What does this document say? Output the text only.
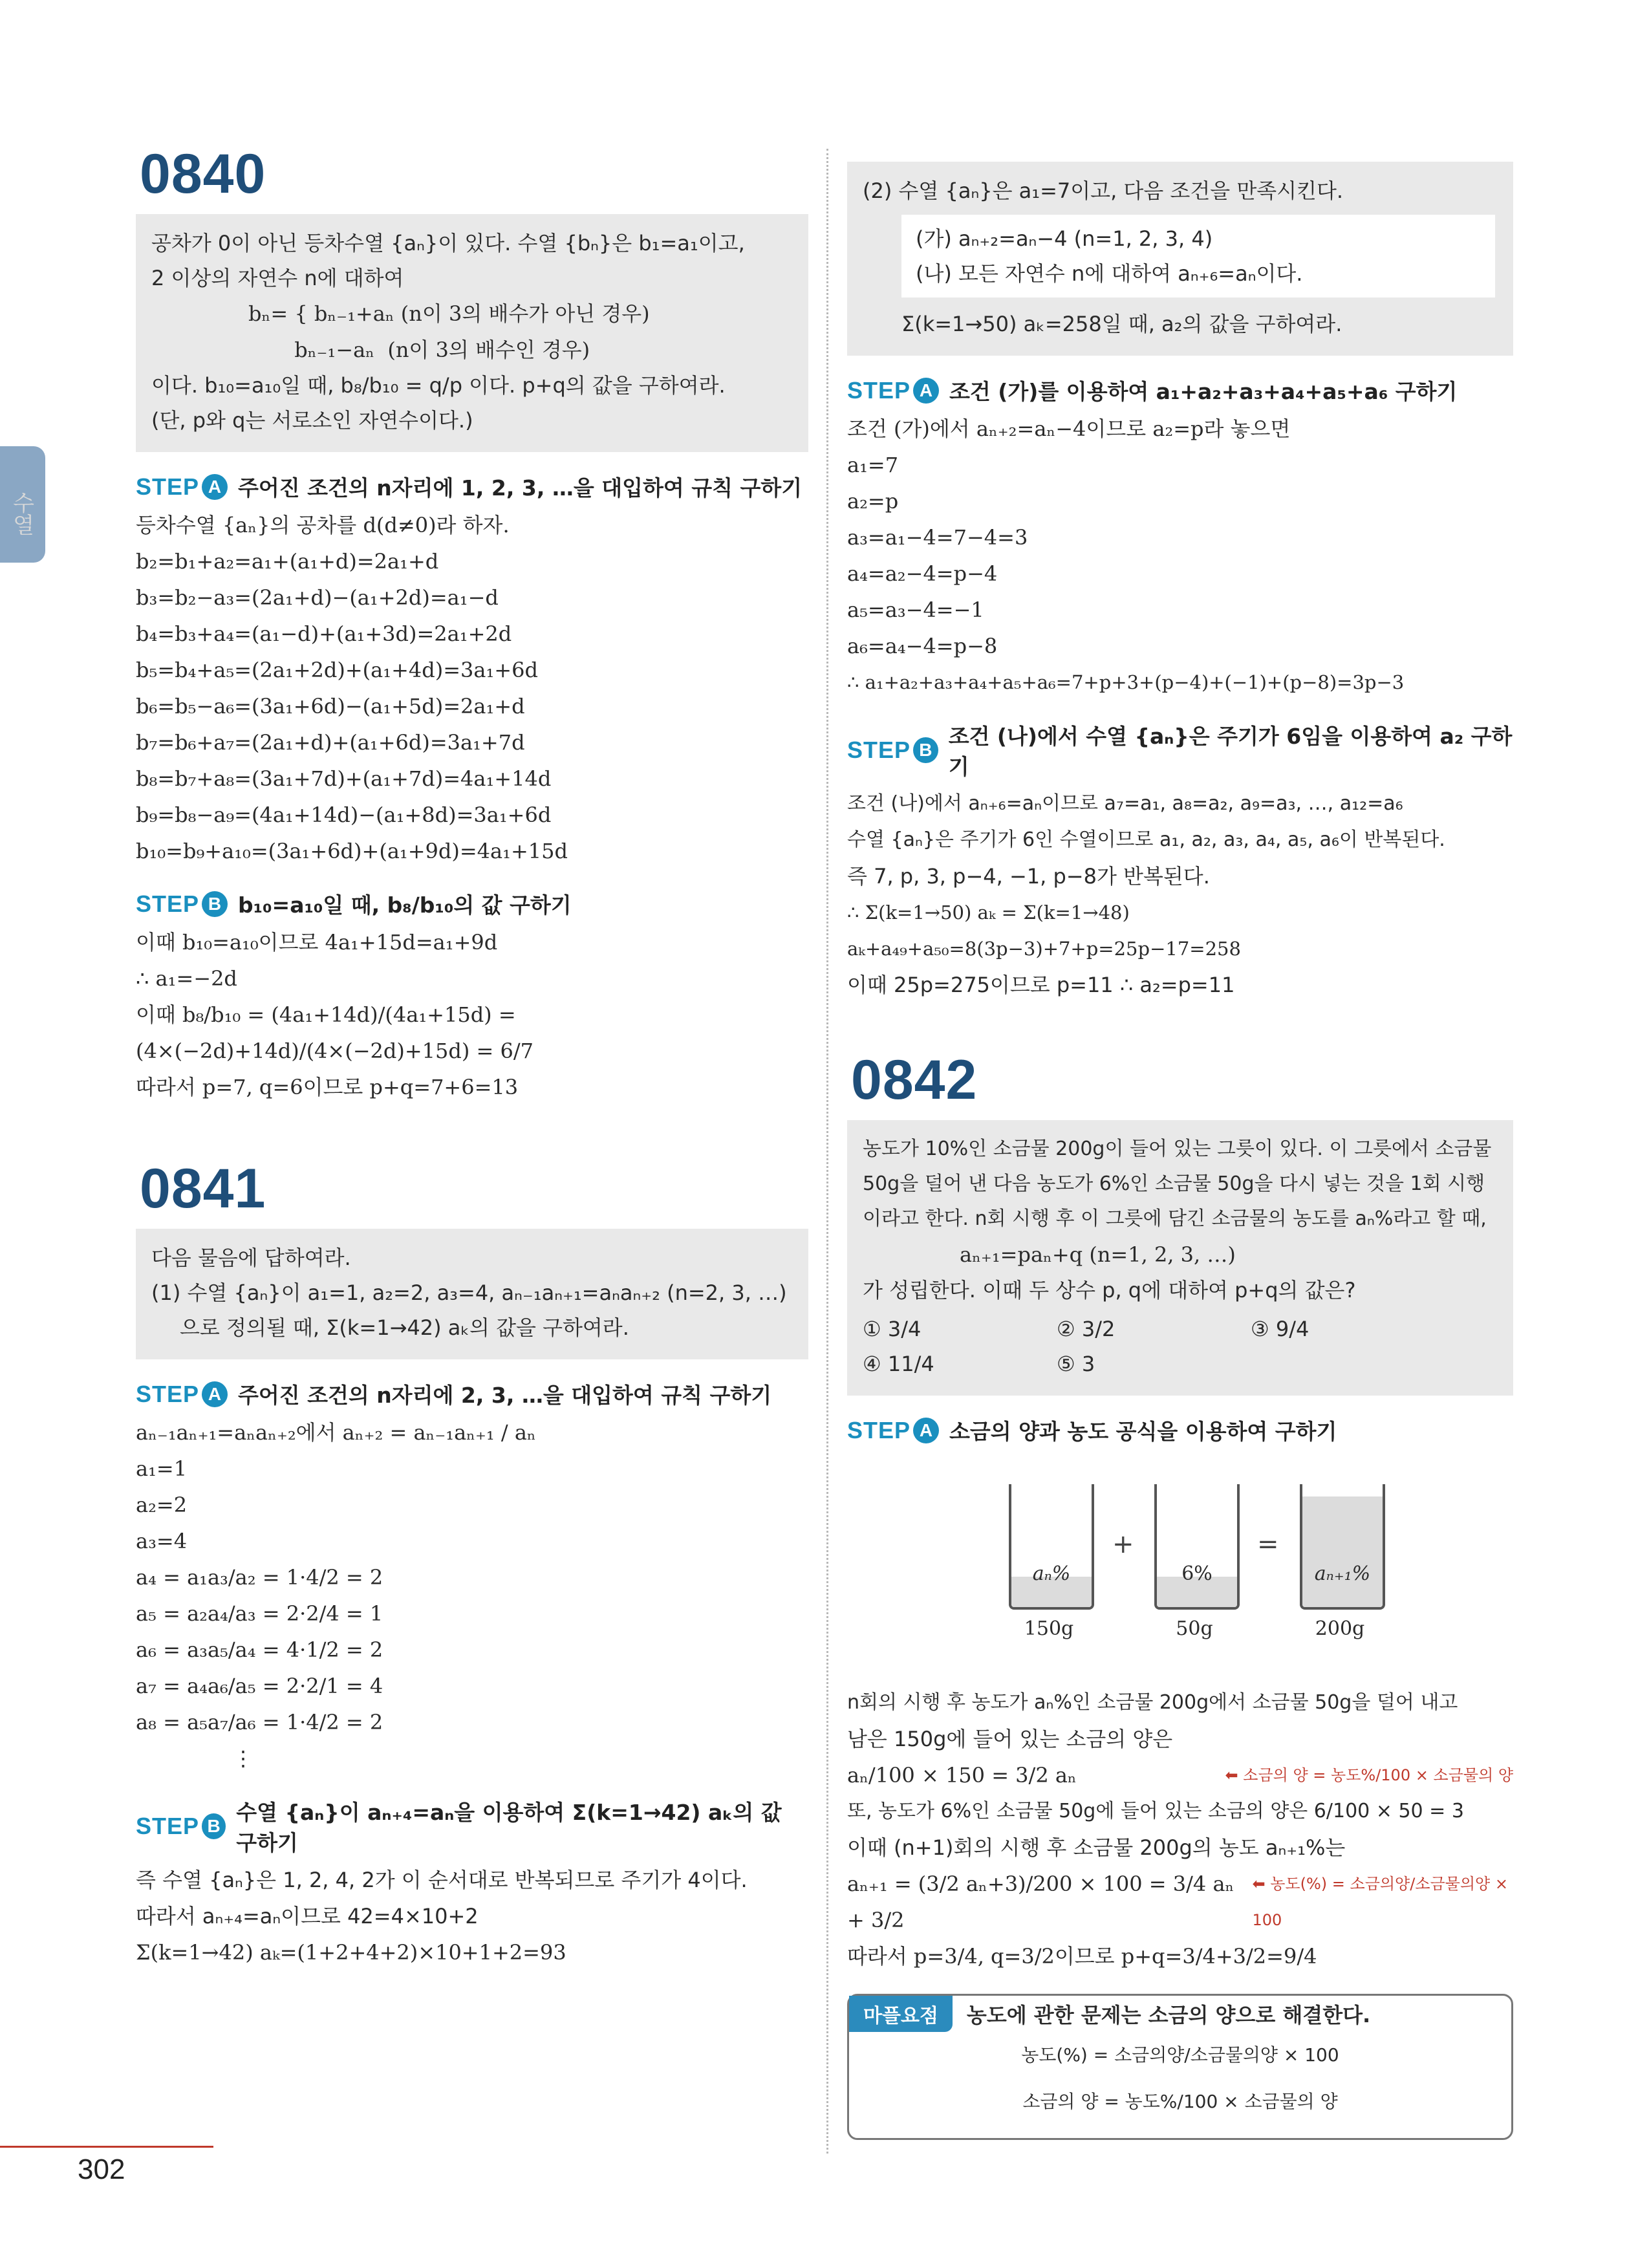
수열
0840

공차가 0이 아닌 등차수열 {aₙ}이 있다. 수열 {bₙ}은 b₁=a₁이고,

2 이상의 자연수 n에 대하여

bₙ= { bₙ₋₁+aₙ (n이 3의 배수가 아닌 경우)

bₙ₋₁−aₙ  (n이 3의 배수인 경우)

이다. b₁₀=a₁₀일 때, b₈/b₁₀ = q/p 이다. p+q의 값을 구하여라.

(단, p와 q는 서로소인 자연수이다.)

STEP A 주어진 조건의 n자리에 1, 2, 3, …을 대입하여 규칙 구하기

등차수열 {aₙ}의 공차를 d(d≠0)라 하자.

b₂=b₁+a₂=a₁+(a₁+d)=2a₁+d

b₃=b₂−a₃=(2a₁+d)−(a₁+2d)=a₁−d

b₄=b₃+a₄=(a₁−d)+(a₁+3d)=2a₁+2d

b₅=b₄+a₅=(2a₁+2d)+(a₁+4d)=3a₁+6d

b₆=b₅−a₆=(3a₁+6d)−(a₁+5d)=2a₁+d

b₇=b₆+a₇=(2a₁+d)+(a₁+6d)=3a₁+7d

b₈=b₇+a₈=(3a₁+7d)+(a₁+7d)=4a₁+14d

b₉=b₈−a₉=(4a₁+14d)−(a₁+8d)=3a₁+6d

b₁₀=b₉+a₁₀=(3a₁+6d)+(a₁+9d)=4a₁+15d

STEP B b₁₀=a₁₀일 때, b₈/b₁₀의 값 구하기

이때 b₁₀=a₁₀이므로 4a₁+15d=a₁+9d

∴ a₁=−2d

이때 b₈/b₁₀ = (4a₁+14d)/(4a₁+15d) = (4×(−2d)+14d)/(4×(−2d)+15d) = 6/7

따라서 p=7, q=6이므로 p+q=7+6=13

0841

다음 물음에 답하여라.

(1) 수열 {aₙ}이 a₁=1, a₂=2, a₃=4, aₙ₋₁aₙ₊₁=aₙaₙ₊₂ (n=2, 3, …)

으로 정의될 때, Σ(k=1→42) aₖ의 값을 구하여라.

STEP A 주어진 조건의 n자리에 2, 3, …을 대입하여 규칙 구하기

aₙ₋₁aₙ₊₁=aₙaₙ₊₂에서 aₙ₊₂ = aₙ₋₁aₙ₊₁ / aₙ

a₁=1

a₂=2

a₃=4

a₄ = a₁a₃/a₂ = 1·4/2 = 2

a₅ = a₂a₄/a₃ = 2·2/4 = 1

a₆ = a₃a₅/a₄ = 4·1/2 = 2

a₇ = a₄a₆/a₅ = 2·2/1 = 4

a₈ = a₅a₇/a₆ = 1·4/2 = 2

⋮

STEP B
수열 {aₙ}이 aₙ₊₄=aₙ을 이용하여 Σ(k=1→42) aₖ의 값 구하기

즉 수열 {aₙ}은 1, 2, 4, 2가 이 순서대로 반복되므로 주기가 4이다.

따라서 aₙ₊₄=aₙ이므로 42=4×10+2

Σ(k=1→42) aₖ=(1+2+4+2)×10+1+2=93

(2) 수열 {aₙ}은 a₁=7이고, 다음 조건을 만족시킨다.

(가) aₙ₊₂=aₙ−4 (n=1, 2, 3, 4)

(나) 모든 자연수 n에 대하여 aₙ₊₆=aₙ이다.

Σ(k=1→50) aₖ=258일 때, a₂의 값을 구하여라.

STEP A 조건 (가)를 이용하여 a₁+a₂+a₃+a₄+a₅+a₆ 구하기

조건 (가)에서 aₙ₊₂=aₙ−4이므로 a₂=p라 놓으면

a₁=7

a₂=p

a₃=a₁−4=7−4=3

a₄=a₂−4=p−4

a₅=a₃−4=−1

a₆=a₄−4=p−8

∴ a₁+a₂+a₃+a₄+a₅+a₆=7+p+3+(p−4)+(−1)+(p−8)=3p−3

STEP B
조건 (나)에서 수열 {aₙ}은 주기가 6임을 이용하여 a₂ 구하기

조건 (나)에서 aₙ₊₆=aₙ이므로 a₇=a₁, a₈=a₂, a₉=a₃, …, a₁₂=a₆

수열 {aₙ}은 주기가 6인 수열이므로 a₁, a₂, a₃, a₄, a₅, a₆이 반복된다.

즉 7, p, 3, p−4, −1, p−8가 반복된다.

∴ Σ(k=1→50) aₖ = Σ(k=1→48) aₖ+a₄₉+a₅₀=8(3p−3)+7+p=25p−17=258

이때 25p=275이므로 p=11 ∴ a₂=p=11

0842

농도가 10%인 소금물 200g이 들어 있는 그릇이 있다. 이 그릇에서 소금물

50g을 덜어 낸 다음 농도가 6%인 소금물 50g을 다시 넣는 것을 1회 시행

이라고 한다. n회 시행 후 이 그릇에 담긴 소금물의 농도를 aₙ%라고 할 때,

aₙ₊₁=paₙ+q (n=1, 2, 3, …)

가 성립한다. 이때 두 상수 p, q에 대하여 p+q의 값은?

① 3/4	② 3/2	③ 9/4
④ 11/4	⑤ 3
STEP A 소금의 양과 농도 공식을 이용하여 구하기
aₙ%
150g
+
6%
50g
=
aₙ₊₁%
200g

n회의 시행 후 농도가 aₙ%인 소금물 200g에서 소금물 50g을 덜어 내고

남은 150g에 들어 있는 소금의 양은

aₙ/100 × 150 = 3/2 aₙ	⬅ 소금의 양 = 농도%/100 × 소금물의 양

또, 농도가 6%인 소금물 50g에 들어 있는 소금의 양은 6/100 × 50 = 3

이때 (n+1)회의 시행 후 소금물 200g의 농도 aₙ₊₁%는

aₙ₊₁ = (3/2 aₙ+3)/200 × 100 = 3/4 aₙ + 3/2
⬅ 농도(%) = 소금의양/소금물의양 × 100

따라서 p=3/4, q=3/2이므로 p+q=3/4+3/2=9/4

마플요점	농도에 관한 문제는 소금의 양으로 해결한다.
농도(%) = 소금의양/소금물의양 × 100
소금의 양 = 농도%/100 × 소금물의 양
302
